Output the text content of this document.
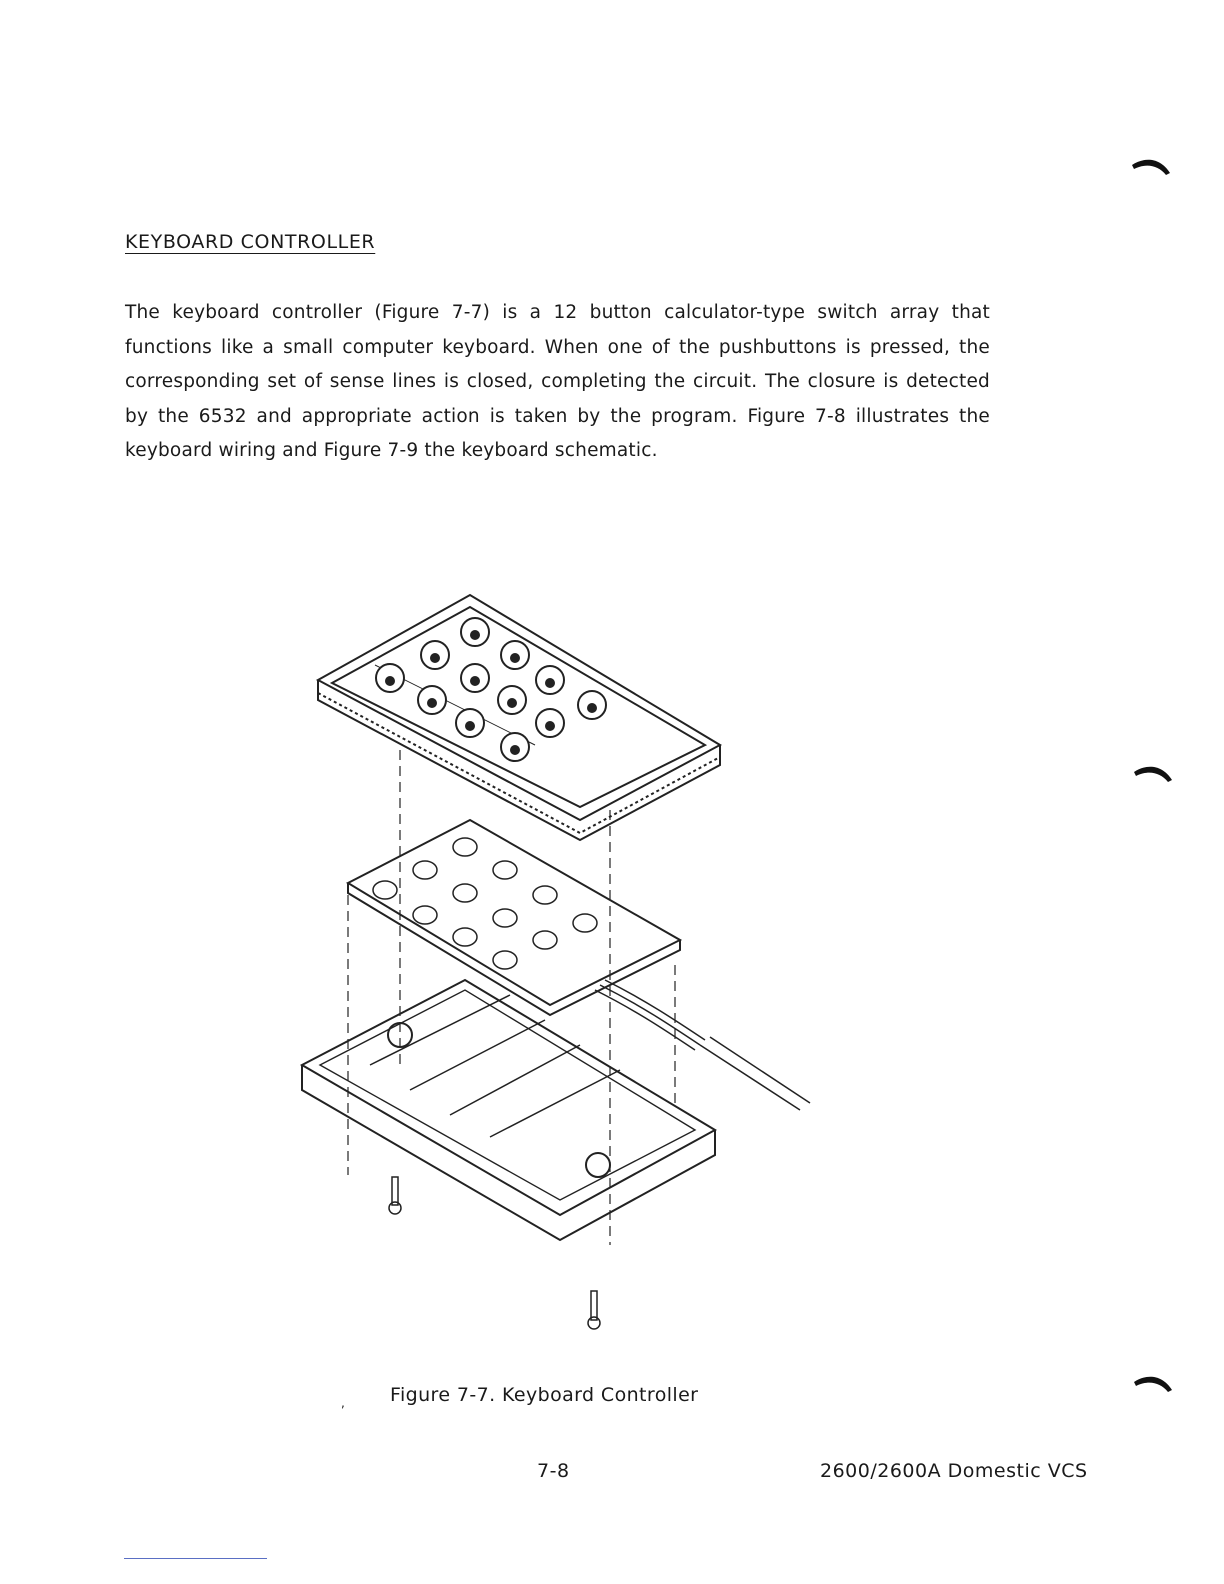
KEYBOARD CONTROLLER

The keyboard controller (Figure 7-7) is a 12 button calculator-type switch array that functions like a small computer keyboard. When one of the pushbuttons is pressed, the corresponding set of sense lines is closed, completing the circuit. The closure is detected by the 6532 and appropriate action is taken by the program. Figure 7-8 illustrates the keyboard wiring and Figure 7-9 the keyboard schematic.

, Figure 7-7. Keyboard Controller
7-8	2600/2600A Domestic VCS
